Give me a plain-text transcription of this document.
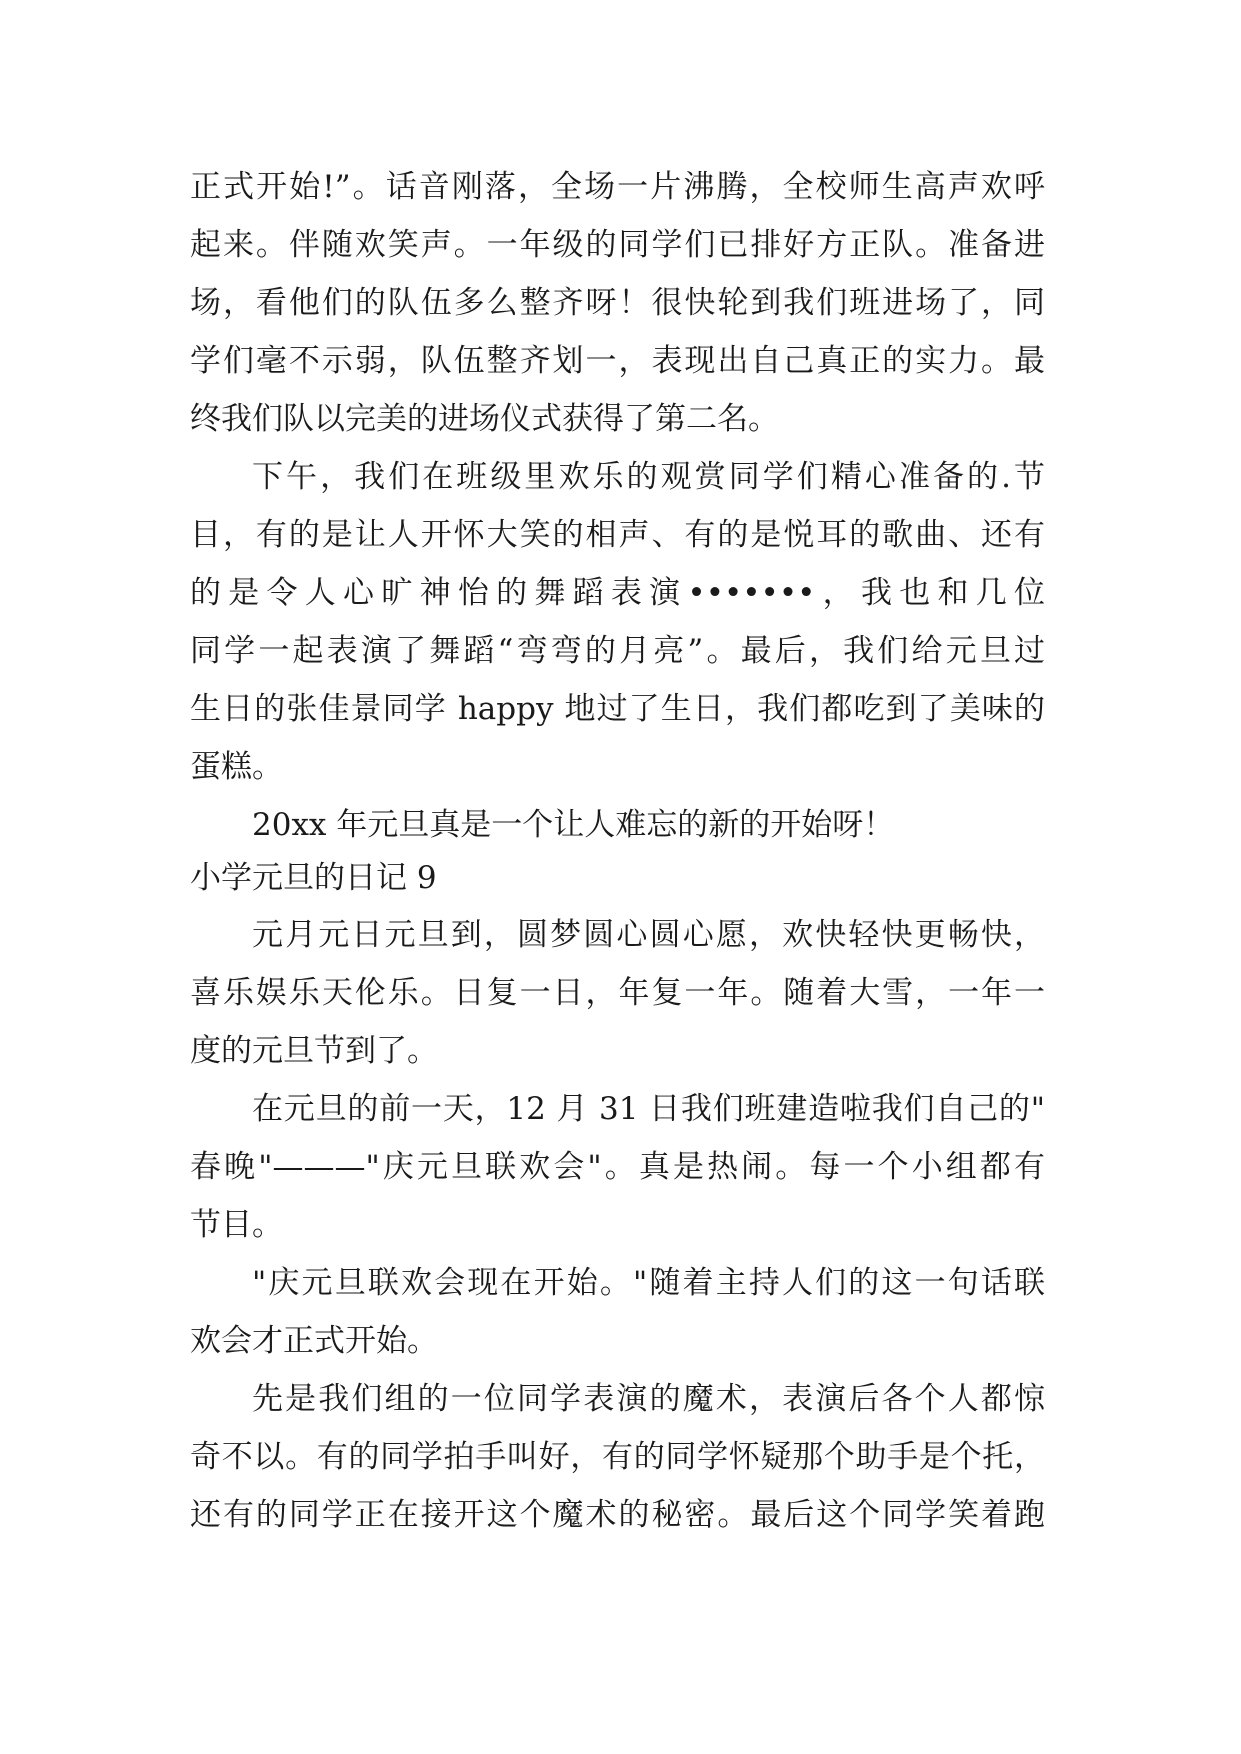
正式开始!”。话音刚落，全场一片沸腾，全校师生高声欢呼
起来。伴随欢笑声。一年级的同学们已排好方正队。准备进
场，看他们的队伍多么整齐呀！很快轮到我们班进场了，同
学们毫不示弱，队伍整齐划一，表现出自己真正的实力。最
终我们队以完美的进场仪式获得了第二名。
下午，我们在班级里欢乐的观赏同学们精心准备的.节
目，有的是让人开怀大笑的相声、有的是悦耳的歌曲、还有
的是令人心旷神怡的舞蹈表演•••••••，我也和几位
同学一起表演了舞蹈“弯弯的月亮”。最后，我们给元旦过
生日的张佳景同学 happy 地过了生日，我们都吃到了美味的
蛋糕。
20xx 年元旦真是一个让人难忘的新的开始呀！
小学元旦的日记 9
元月元日元旦到，圆梦圆心圆心愿，欢快轻快更畅快，
喜乐娱乐天伦乐。日复一日，年复一年。随着大雪，一年一
度的元旦节到了。
在元旦的前一天，12 月 31 日我们班建造啦我们自己的"
春晚"———"庆元旦联欢会"。真是热闹。每一个小组都有
节目。
"庆元旦联欢会现在开始。"随着主持人们的这一句话联
欢会才正式开始。
先是我们组的一位同学表演的魔术，表演后各个人都惊
奇不以。有的同学拍手叫好，有的同学怀疑那个助手是个托，
还有的同学正在接开这个魔术的秘密。最后这个同学笑着跑
